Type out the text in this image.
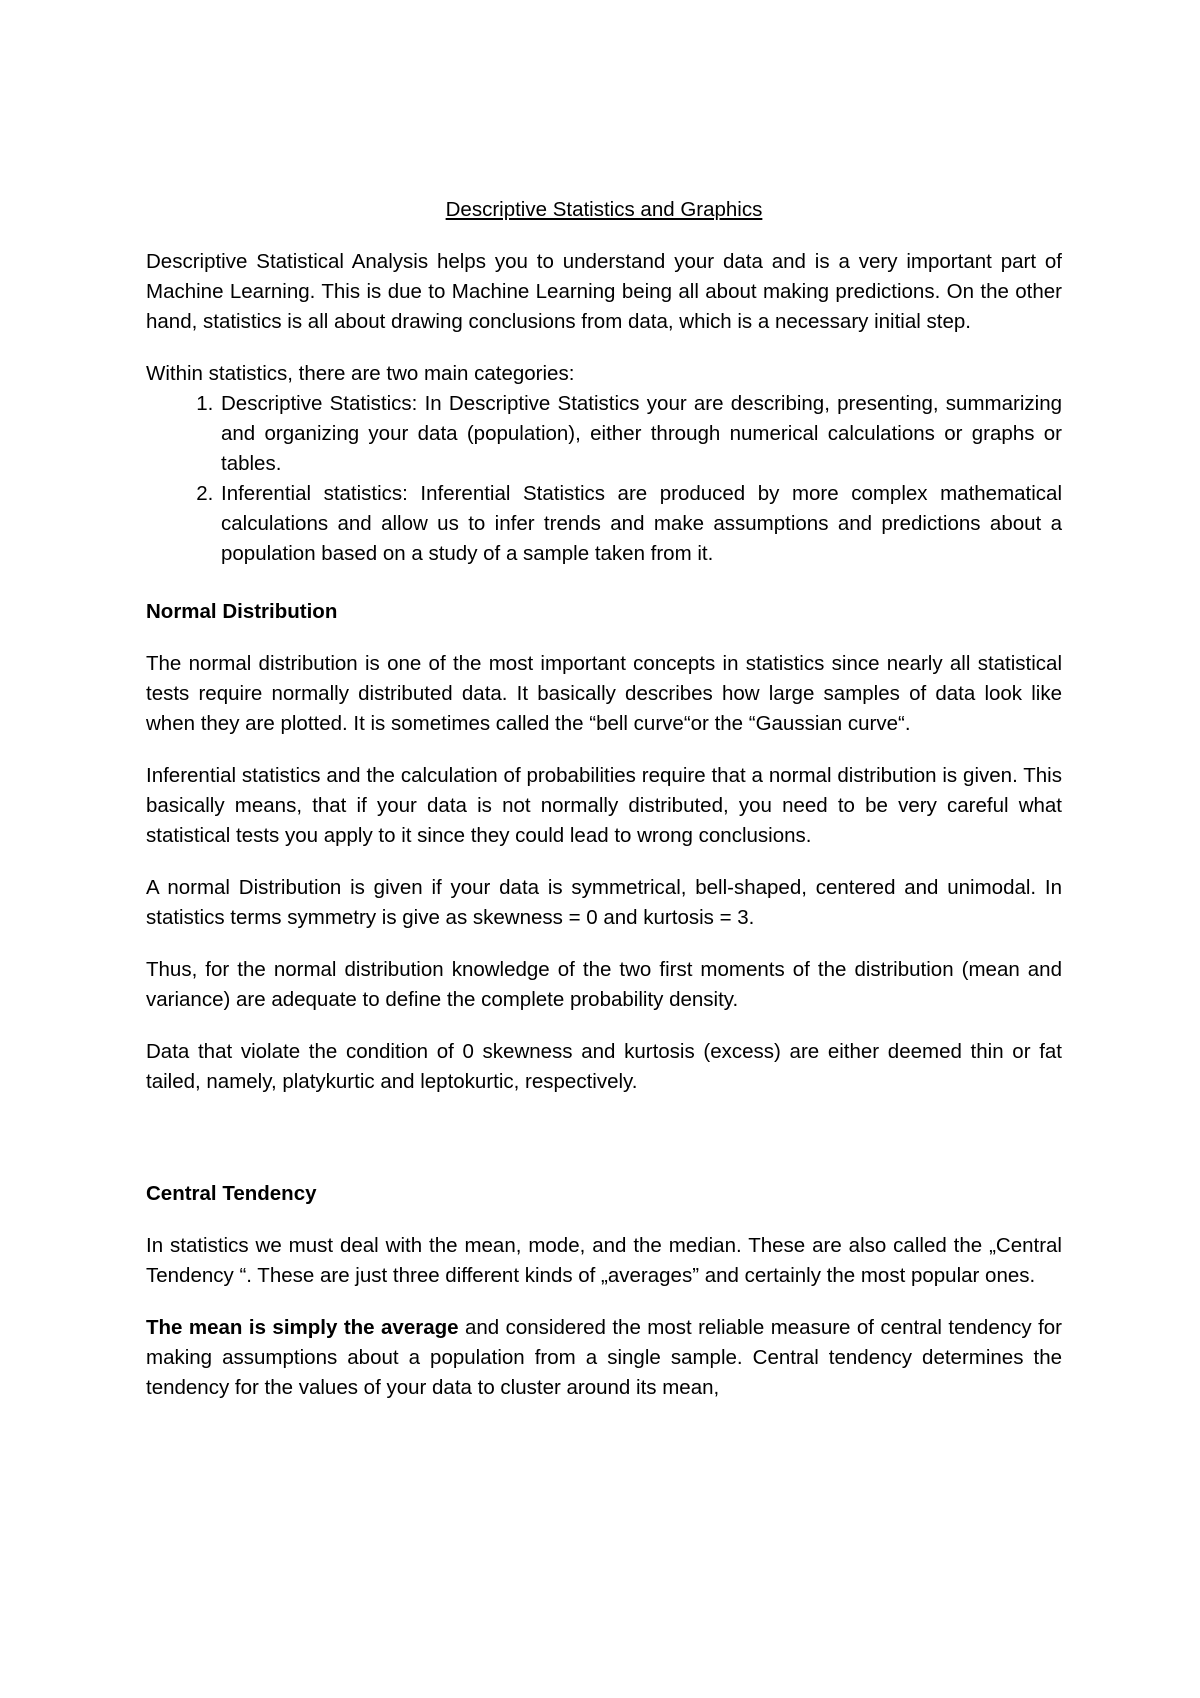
Descriptive Statistics and Graphics

Descriptive Statistical Analysis helps you to understand your data and is a very important part of Machine Learning. This is due to Machine Learning being all about making predictions. On the other hand, statistics is all about drawing conclusions from data, which is a necessary initial step.

Within statistics, there are two main categories:

1. Descriptive Statistics: In Descriptive Statistics your are describing, presenting, summarizing and organizing your data (population), either through numerical calculations or graphs or tables.
2. Inferential statistics: Inferential Statistics are produced by more complex mathematical calculations and allow us to infer trends and make assumptions and predictions about a population based on a study of a sample taken from it.
Normal Distribution

The normal distribution is one of the most important concepts in statistics since nearly all statistical tests require normally distributed data. It basically describes how large samples of data look like when they are plotted. It is sometimes called the “bell curve“or the “Gaussian curve“.

Inferential statistics and the calculation of probabilities require that a normal distribution is given. This basically means, that if your data is not normally distributed, you need to be very careful what statistical tests you apply to it since they could lead to wrong conclusions.

A normal Distribution is given if your data is symmetrical, bell-shaped, centered and unimodal. In statistics terms symmetry is give as skewness = 0 and kurtosis = 3.

Thus, for the normal distribution knowledge of the two first moments of the distribution (mean and variance) are adequate to define the complete probability density.

Data that violate the condition of 0 skewness and kurtosis (excess) are either deemed thin or fat tailed, namely, platykurtic and leptokurtic, respectively.

Central Tendency

In statistics we must deal with the mean, mode, and the median. These are also called the „Central Tendency “. These are just three different kinds of „averages” and certainly the most popular ones.

The mean is simply the average and considered the most reliable measure of central tendency for making assumptions about a population from a single sample. Central tendency determines the tendency for the values of your data to cluster around its mean,
